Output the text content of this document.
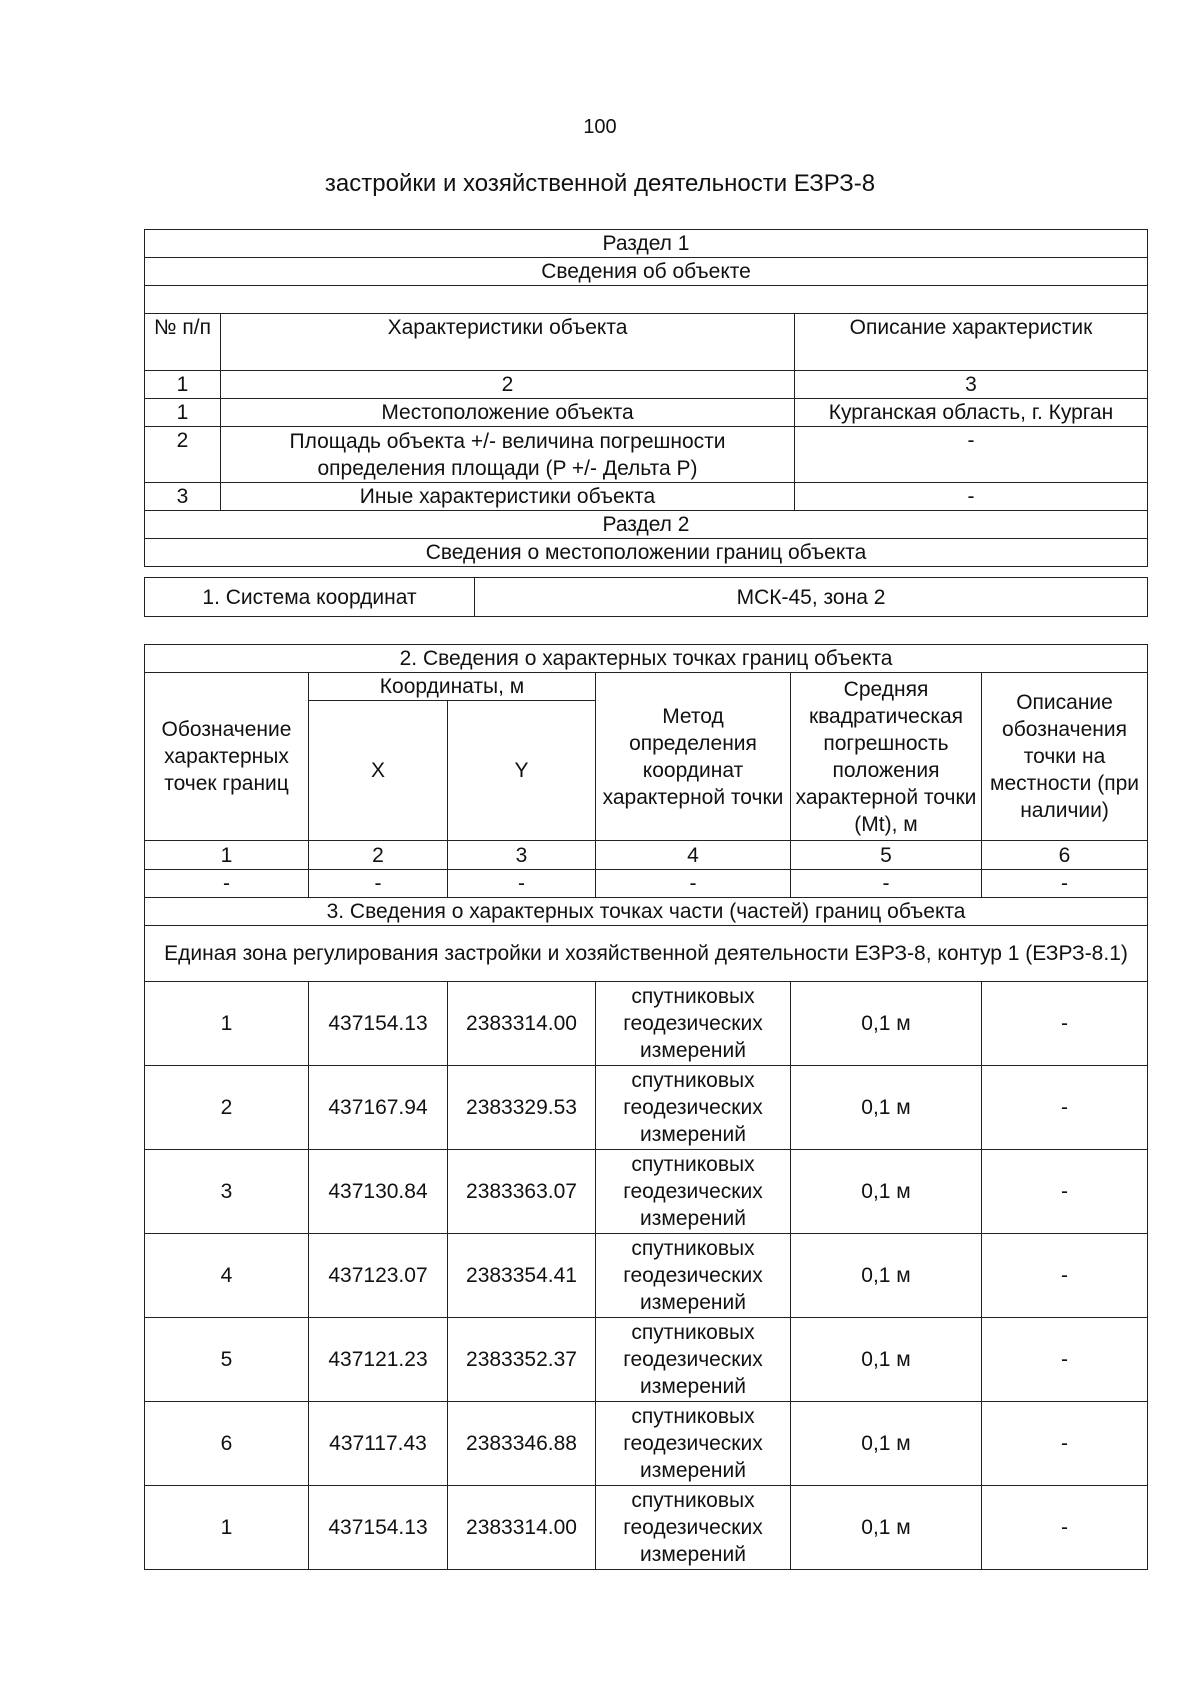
100
застройки и хозяйственной деятельности ЕЗРЗ-8
Раздел 1		
Сведения об объекте		

№ п/п	Характеристики объекта	Описание характеристик
1	2	3
1	Местоположение объекта	Курганская область, г. Курган
2	Площадь объекта +/- величина погрешности определения площади (P +/- Дельта P)	-
3	Иные характеристики объекта	-
Раздел 2		
Сведения о местоположении границ объекта		
1. Система координат	МСК-45, зона 2
2. Сведения о характерных точках границ объекта					
Обозначение характерных точек границ	Координаты, м		Метод определения координат характерной точки	Средняя квадратическая погрешность положения характерной точки (Mt), м	Описание обозначения точки на местности (при наличии)
	X	Y			
1	2	3	4	5	6
-	-	-	-	-	-
3. Сведения о характерных точках части (частей) границ объекта					
Единая зона регулирования застройки и хозяйственной деятельности ЕЗРЗ-8, контур 1 (ЕЗРЗ-8.1)					
1	437154.13	2383314.00	спутниковых геодезических измерений	0,1 м	-
2	437167.94	2383329.53	спутниковых геодезических измерений	0,1 м	-
3	437130.84	2383363.07	спутниковых геодезических измерений	0,1 м	-
4	437123.07	2383354.41	спутниковых геодезических измерений	0,1 м	-
5	437121.23	2383352.37	спутниковых геодезических измерений	0,1 м	-
6	437117.43	2383346.88	спутниковых геодезических измерений	0,1 м	-
1	437154.13	2383314.00	спутниковых геодезических измерений	0,1 м	-
